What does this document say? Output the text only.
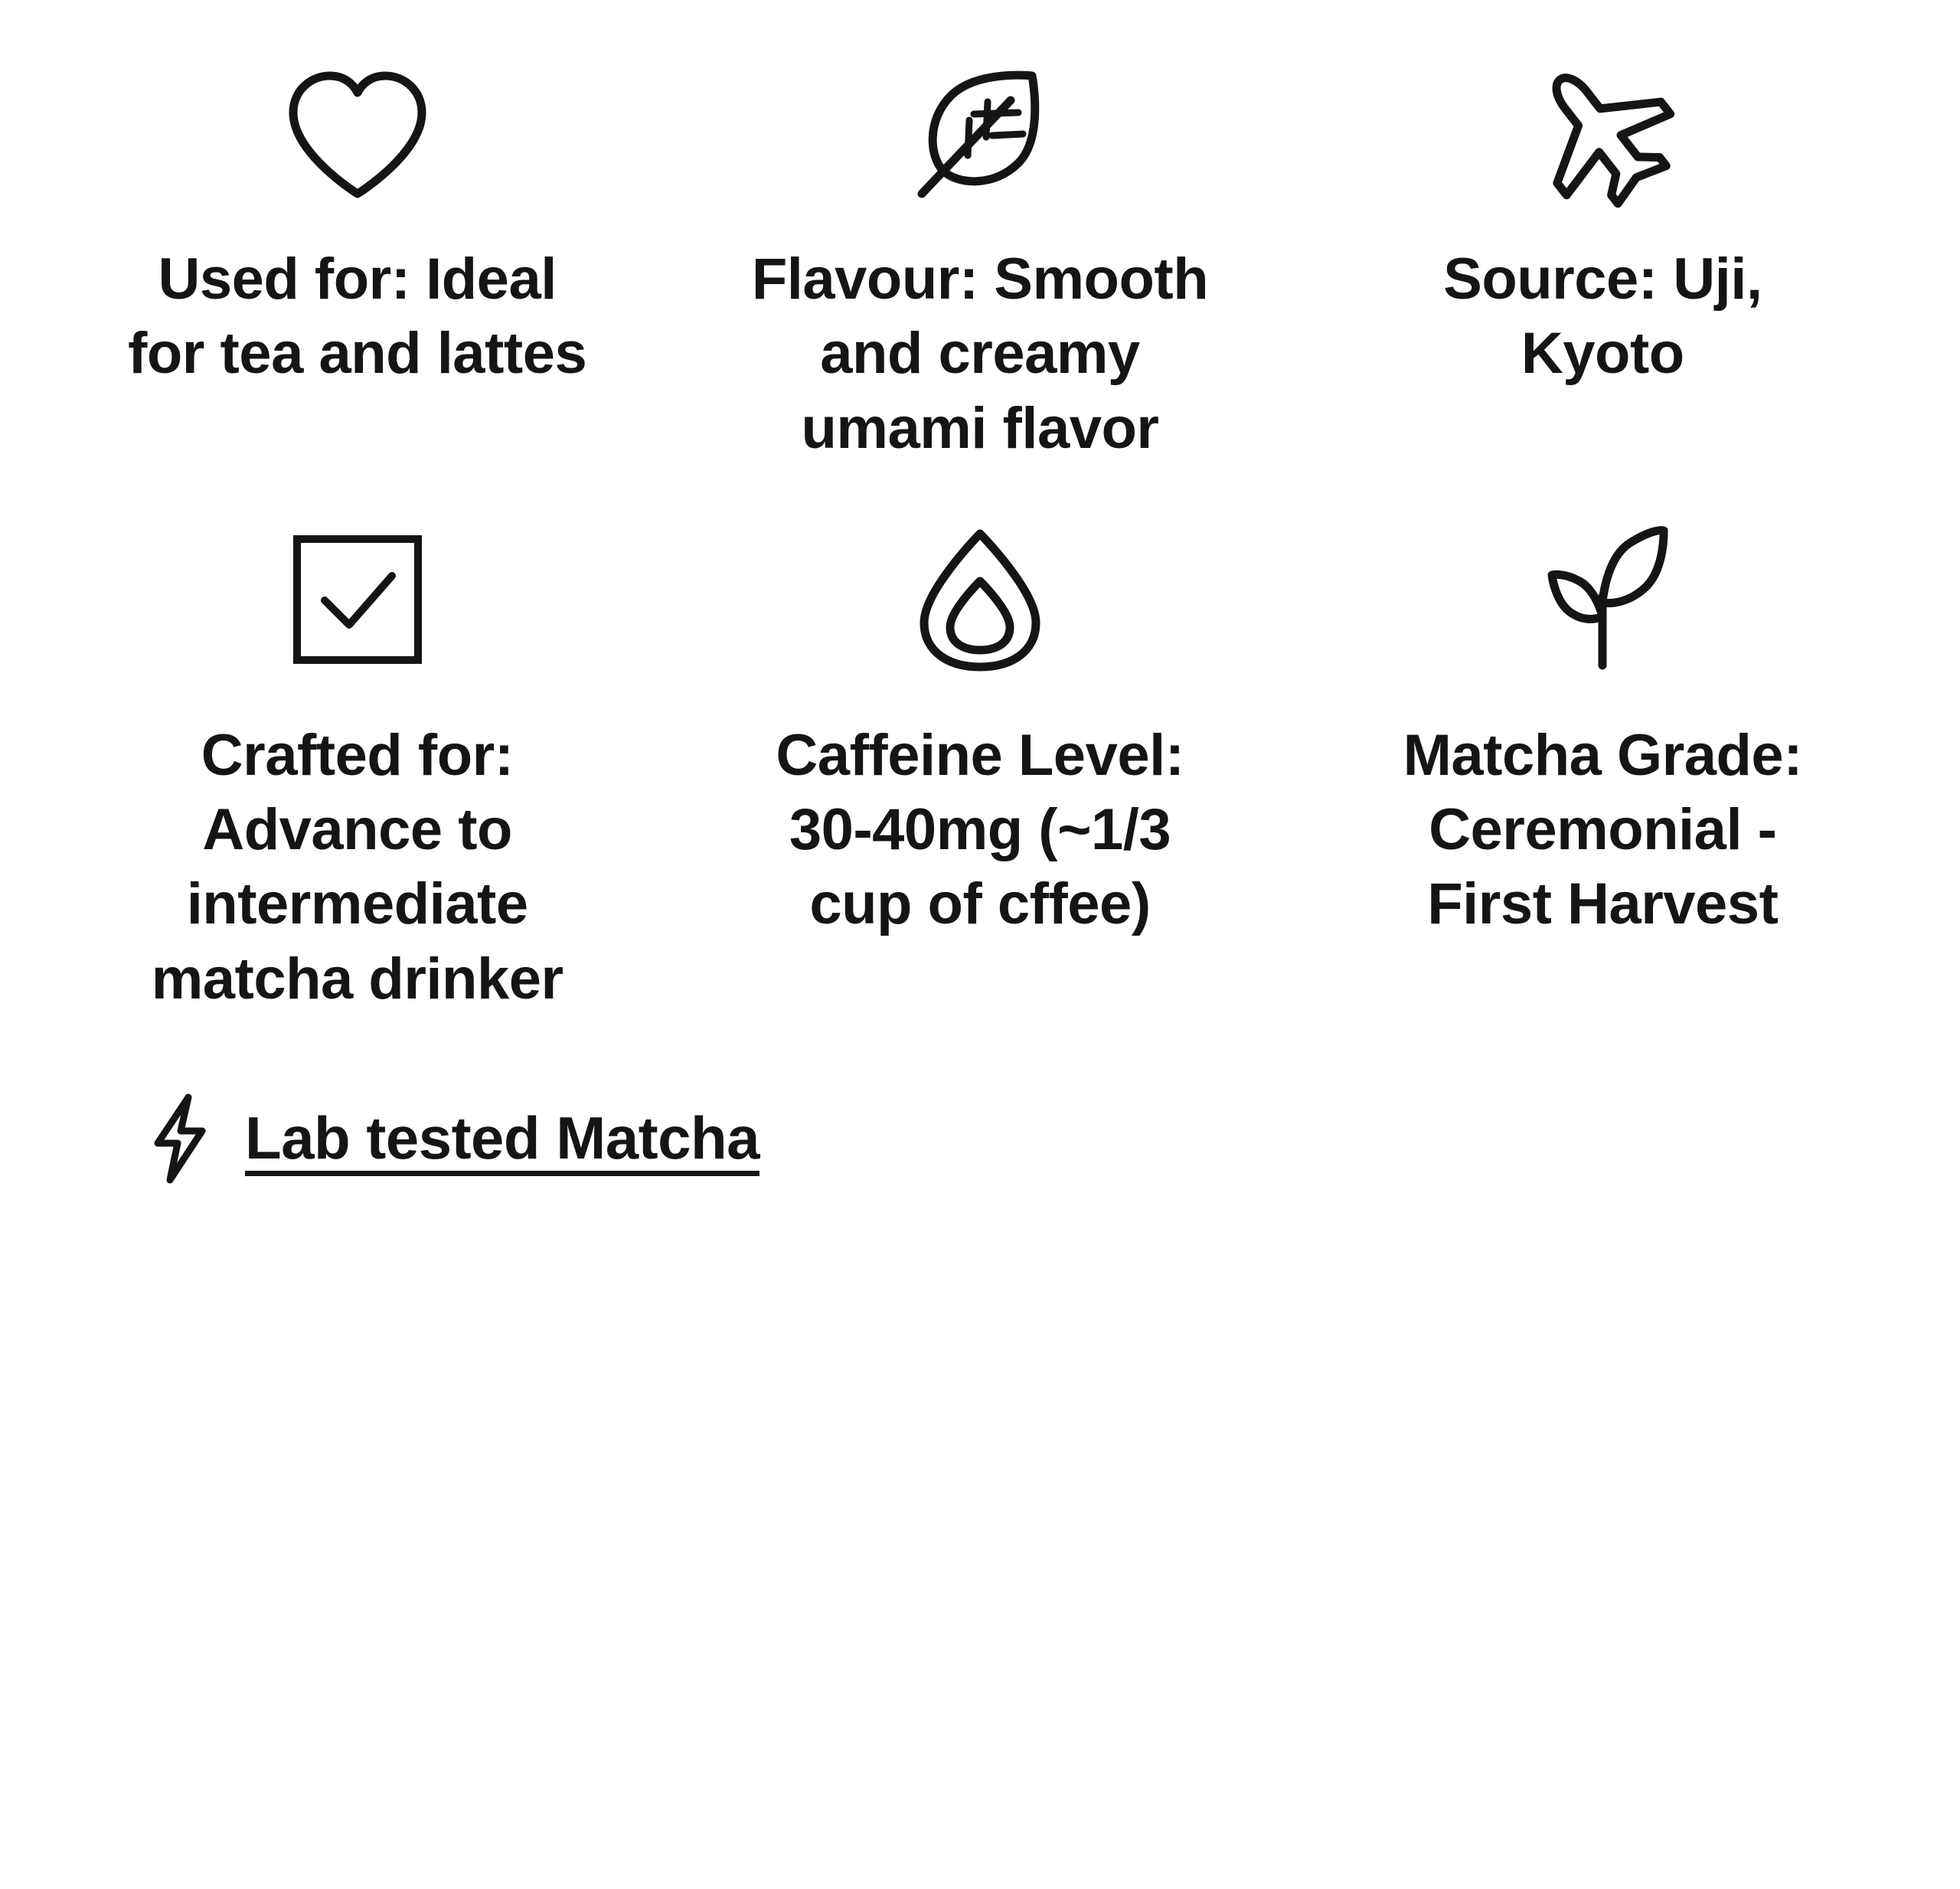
Used for: Ideal for tea and lattes
Flavour: Smooth and creamy umami flavor
Source: Uji, Kyoto
Crafted for: Advance to intermediate matcha drinker
Caffeine Level: 30-40mg (~1/3 cup of cffee)
Matcha Grade: Ceremonial - First Harvest
Lab tested Matcha
